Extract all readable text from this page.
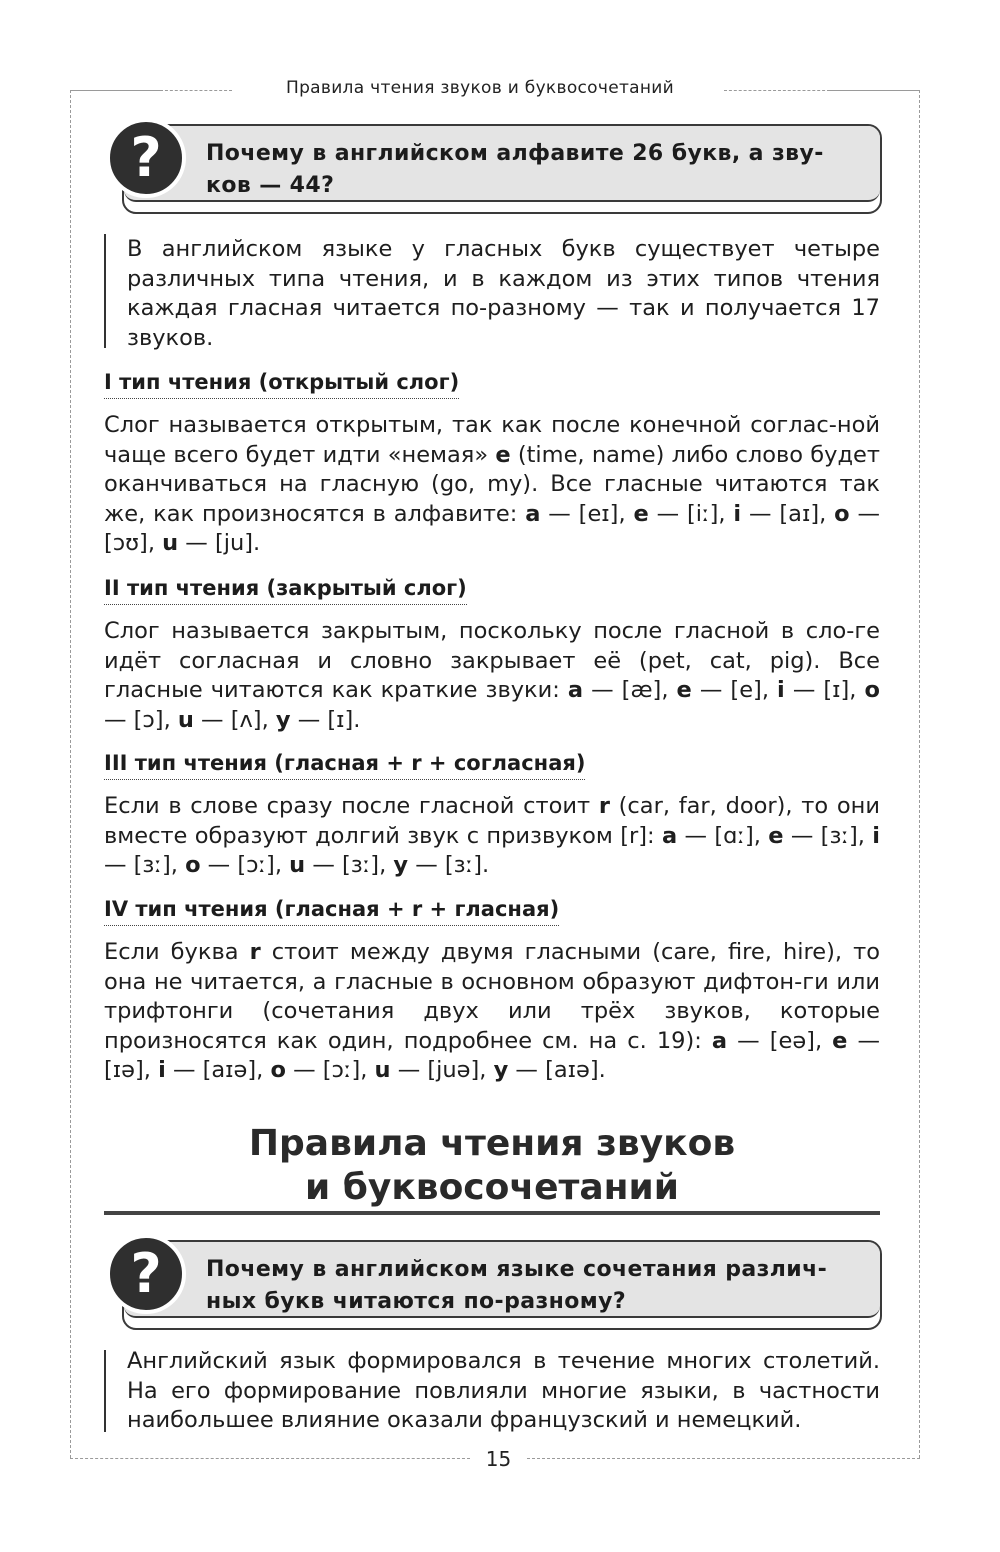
Правила чтения звуков и буквосочетаний
Почему в английском алфавите 26 букв, а зву-
ков — 44?
?
В английском языке у гласных букв существует четыре различных типа чтения, и в каждом из этих типов чтения каждая гласная читается по-разному — так и получается 17 звуков.
I тип чтения (открытый слог)
Слог называется открытым, так как после конечной соглас-ной чаще всего будет идти «немая» e (time, name) либо слово будет оканчиваться на гласную (go, my). Все гласные читаются так же, как произносятся в алфавите: a — [eɪ], e — [iː], i — [aɪ], o — [ɔʊ], u — [ju].
II тип чтения (закрытый слог)
Слог называется закрытым, поскольку после гласной в сло-ге идёт согласная и словно закрывает её (pet, cat, pig). Все гласные читаются как краткие звуки: a — [æ], e — [e], i — [ɪ], o — [ɔ], u — [ʌ], y — [ɪ].
III тип чтения (гласная + r + согласная)
Если в слове сразу после гласной стоит r (car, far, door), то они вместе образуют долгий звук с призвуком [r]: a — [ɑː], e — [ɜː], i — [ɜː], o — [ɔː], u — [ɜː], y — [ɜː].
IV тип чтения (гласная + r + гласная)
Если буква r стоит между двумя гласными (care, fire, hire), то она не читается, а гласные в основном образуют дифтон-ги или трифтонги (сочетания двух или трёх звуков, которые произносятся как один, подробнее см. на с. 19): a — [eə], e — [ɪə], i — [aɪə], o — [ɔː], u — [juə], y — [aɪə].
Правила чтения звуков
и буквосочетаний
Почему в английском языке сочетания различ-
ных букв читаются по-разному?
?
Английский язык формировался в течение многих столетий. На его формирование повлияли многие языки, в частности наибольшее влияние оказали французский и немецкий.
15
